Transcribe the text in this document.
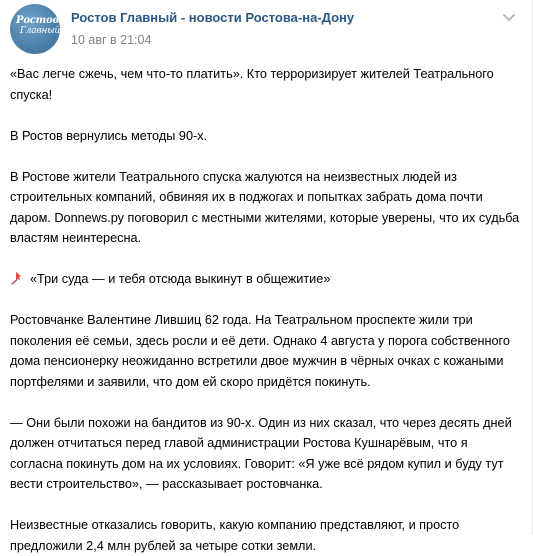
Ростов
Главный
Ростов Главный - новости Ростова-на-Дону
10 авг в 21:04

«Вас легче сжечь, чем что-то платить». Кто терроризирует жителей Театрального спуска!

В Ростов вернулись методы 90-х.

В Ростове жители Театрального спуска жалуются на неизвестных людей из строительных компаний, обвиняя их в поджогах и попытках забрать дома почти даром. Donnews.ру поговорил с местными жителями, которые уверены, что их судьба властям неинтересна.

«Три суда — и тебя отсюда выкинут в общежитие»

Ростовчанке Валентине Лившиц 62 года. На Театральном проспекте жили три поколения её семьи, здесь росли и её дети. Однако 4 августа у порога собственного дома пенсионерку неожиданно встретили двое мужчин в чёрных очках с кожаными портфелями и заявили, что дом ей скоро придётся покинуть.

— Они были похожи на бандитов из 90-х. Один из них сказал, что через десять дней должен отчитаться перед главой администрации Ростова Кушнарёвым, что я согласна покинуть дом на их условиях. Говорит: «Я уже всё рядом купил и буду тут вести строительство», — рассказывает ростовчанка.

Неизвестные отказались говорить, какую компанию представляют, и просто предложили 2,4 млн рублей за четыре сотки земли.
